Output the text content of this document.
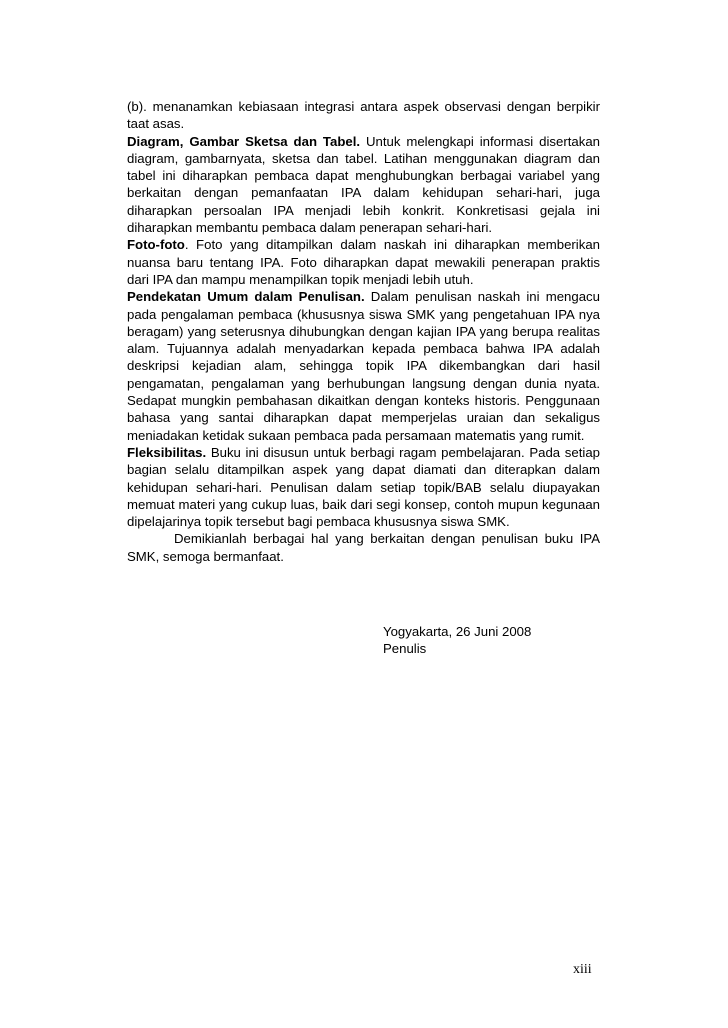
(b). menanamkan kebiasaan integrasi antara aspek observasi dengan berpikir taat asas.

Diagram, Gambar Sketsa dan Tabel. Untuk melengkapi informasi disertakan diagram, gambarnyata, sketsa dan tabel. Latihan menggunakan diagram dan tabel ini diharapkan pembaca dapat menghubungkan berbagai variabel yang berkaitan dengan pemanfaatan IPA dalam kehidupan sehari-hari, juga diharapkan persoalan IPA menjadi lebih konkrit. Konkretisasi gejala ini diharapkan membantu pembaca dalam penerapan sehari-hari.

Foto-foto. Foto yang ditampilkan dalam naskah ini diharapkan memberikan nuansa baru tentang IPA. Foto diharapkan dapat mewakili penerapan praktis dari IPA dan mampu menampilkan topik menjadi lebih utuh.

Pendekatan Umum dalam Penulisan. Dalam penulisan naskah ini mengacu pada pengalaman pembaca (khususnya siswa SMK yang pengetahuan IPA nya beragam) yang seterusnya dihubungkan dengan kajian IPA yang berupa realitas alam. Tujuannya adalah menyadarkan kepada pembaca bahwa IPA adalah deskripsi kejadian alam, sehingga topik IPA dikembangkan dari hasil pengamatan, pengalaman yang berhubungan langsung dengan dunia nyata. Sedapat mungkin pembahasan dikaitkan dengan konteks historis. Penggunaan bahasa yang santai diharapkan dapat memperjelas uraian dan sekaligus meniadakan ketidak sukaan pembaca pada persamaan matematis yang rumit.

Fleksibilitas. Buku ini disusun untuk berbagi ragam pembelajaran. Pada setiap bagian selalu ditampilkan aspek yang dapat diamati dan diterapkan dalam kehidupan sehari-hari. Penulisan dalam setiap topik/BAB selalu diupayakan memuat materi yang cukup luas, baik dari segi konsep, contoh mupun kegunaan dipelajarinya topik tersebut bagi pembaca khususnya siswa SMK.

Demikianlah berbagai hal yang berkaitan dengan penulisan buku IPA SMK, semoga bermanfaat.

Yogyakarta, 26 Juni 2008
Penulis
xiii
